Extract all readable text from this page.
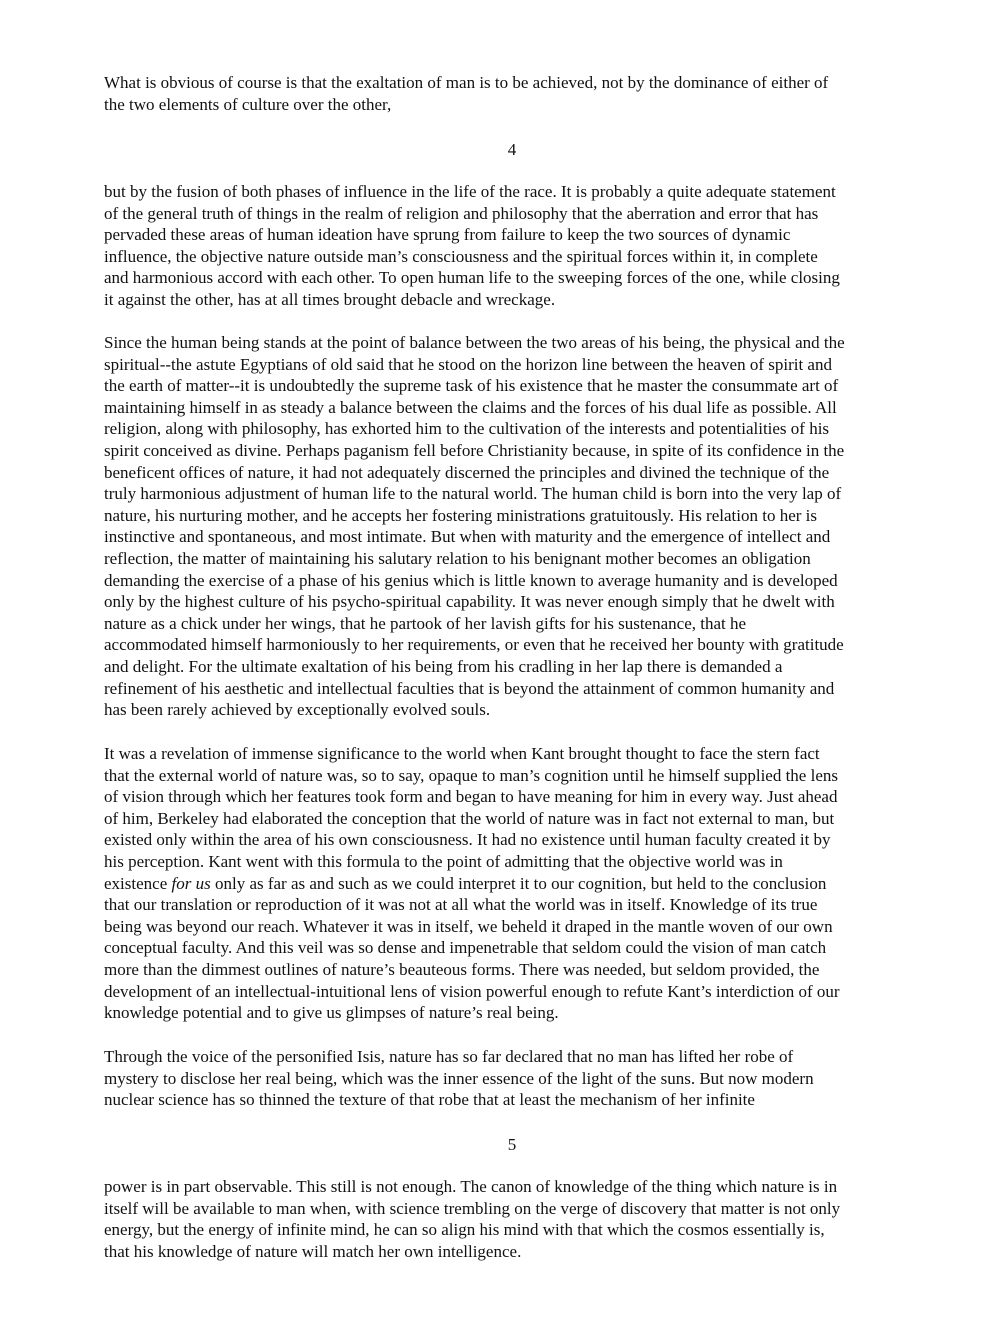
What is obvious of course is that the exaltation of man is to be achieved, not by the dominance of either of
the two elements of culture over the other,
4
but by the fusion of both phases of influence in the life of the race. It is probably a quite adequate statement
of the general truth of things in the realm of religion and philosophy that the aberration and error that has
pervaded these areas of human ideation have sprung from failure to keep the two sources of dynamic
influence, the objective nature outside man’s consciousness and the spiritual forces within it, in complete
and harmonious accord with each other. To open human life to the sweeping forces of the one, while closing
it against the other, has at all times brought debacle and wreckage.
Since the human being stands at the point of balance between the two areas of his being, the physical and the
spiritual--the astute Egyptians of old said that he stood on the horizon line between the heaven of spirit and
the earth of matter--it is undoubtedly the supreme task of his existence that he master the consummate art of
maintaining himself in as steady a balance between the claims and the forces of his dual life as possible. All
religion, along with philosophy, has exhorted him to the cultivation of the interests and potentialities of his
spirit conceived as divine. Perhaps paganism fell before Christianity because, in spite of its confidence in the
beneficent offices of nature, it had not adequately discerned the principles and divined the technique of the
truly harmonious adjustment of human life to the natural world. The human child is born into the very lap of
nature, his nurturing mother, and he accepts her fostering ministrations gratuitously. His relation to her is
instinctive and spontaneous, and most intimate. But when with maturity and the emergence of intellect and
reflection, the matter of maintaining his salutary relation to his benignant mother becomes an obligation
demanding the exercise of a phase of his genius which is little known to average humanity and is developed
only by the highest culture of his psycho-spiritual capability. It was never enough simply that he dwelt with
nature as a chick under her wings, that he partook of her lavish gifts for his sustenance, that he
accommodated himself harmoniously to her requirements, or even that he received her bounty with gratitude
and delight. For the ultimate exaltation of his being from his cradling in her lap there is demanded a
refinement of his aesthetic and intellectual faculties that is beyond the attainment of common humanity and
has been rarely achieved by exceptionally evolved souls.
It was a revelation of immense significance to the world when Kant brought thought to face the stern fact
that the external world of nature was, so to say, opaque to man’s cognition until he himself supplied the lens
of vision through which her features took form and began to have meaning for him in every way. Just ahead
of him, Berkeley had elaborated the conception that the world of nature was in fact not external to man, but
existed only within the area of his own consciousness. It had no existence until human faculty created it by
his perception. Kant went with this formula to the point of admitting that the objective world was in
existence for us only as far as and such as we could interpret it to our cognition, but held to the conclusion
that our translation or reproduction of it was not at all what the world was in itself. Knowledge of its true
being was beyond our reach. Whatever it was in itself, we beheld it draped in the mantle woven of our own
conceptual faculty. And this veil was so dense and impenetrable that seldom could the vision of man catch
more than the dimmest outlines of nature’s beauteous forms. There was needed, but seldom provided, the
development of an intellectual-intuitional lens of vision powerful enough to refute Kant’s interdiction of our
knowledge potential and to give us glimpses of nature’s real being.
Through the voice of the personified Isis, nature has so far declared that no man has lifted her robe of
mystery to disclose her real being, which was the inner essence of the light of the suns. But now modern
nuclear science has so thinned the texture of that robe that at least the mechanism of her infinite
5
power is in part observable. This still is not enough. The canon of knowledge of the thing which nature is in
itself will be available to man when, with science trembling on the verge of discovery that matter is not only
energy, but the energy of infinite mind, he can so align his mind with that which the cosmos essentially is,
that his knowledge of nature will match her own intelligence.
